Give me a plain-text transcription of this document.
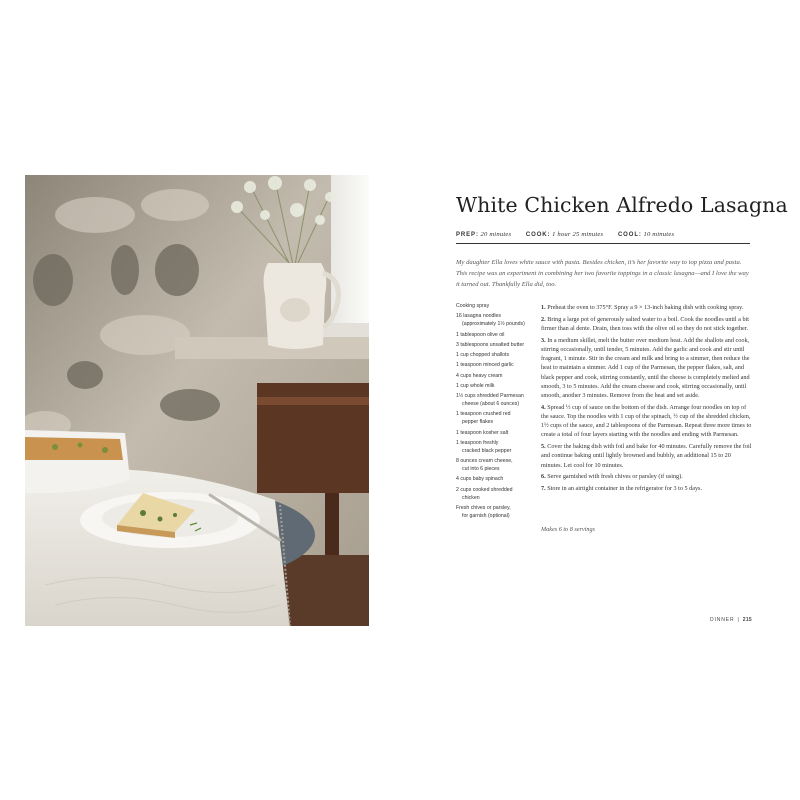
White Chicken Alfredo Lasagna
PREP: 20 minutes COOK: 1 hour 25 minutes COOL: 10 minutes

My daughter Ella loves white sauce with pasta. Besides chicken, it’s her favorite way to top pizza and pasta. This recipe was an experiment in combining her two favorite toppings in a classic lasagna—and I love the way it turned out. Thankfully Ella did, too.

Cooking spray
16 lasagna noodles
(approximately 1½ pounds)
1 tablespoon olive oil
3 tablespoons unsalted butter
1 cup chopped shallots
1 teaspoon minced garlic
4 cups heavy cream
1 cup whole milk
1½ cups shredded Parmesan
cheese (about 6 ounces)
1 teaspoon crushed red
pepper flakes
1 teaspoon kosher salt
1 teaspoon freshly
cracked black pepper
8 ounces cream cheese,
cut into 6 pieces
4 cups baby spinach
2 cups cooked shredded
chicken
Fresh chives or parsley,
for garnish (optional)
1. Preheat the oven to 375°F. Spray a 9 × 13-inch baking dish with cooking spray.
2. Bring a large pot of generously salted water to a boil. Cook the noodles until a bit firmer than al dente. Drain, then toss with the olive oil so they do not stick together.
3. In a medium skillet, melt the butter over medium heat. Add the shallots and cook, stirring occasionally, until tender, 5 minutes. Add the garlic and cook and stir until fragrant, 1 minute. Stir in the cream and milk and bring to a simmer, then reduce the heat to maintain a simmer. Add 1 cup of the Parmesan, the pepper flakes, salt, and black pepper and cook, stirring constantly, until the cheese is completely melted and smooth, 3 to 5 minutes. Add the cream cheese and cook, stirring occasionally, until smooth, another 3 minutes. Remove from the heat and set aside.
4. Spread ½ cup of sauce on the bottom of the dish. Arrange four noodles on top of the sauce. Top the noodles with 1 cup of the spinach, ½ cup of the shredded chicken, 1½ cups of the sauce, and 2 tablespoons of the Parmesan. Repeat three more times to create a total of four layers starting with the noodles and ending with Parmesan.
5. Cover the baking dish with foil and bake for 40 minutes. Carefully remove the foil and continue baking until lightly browned and bubbly, an additional 15 to 20 minutes. Let cool for 10 minutes.
6. Serve garnished with fresh chives or parsley (if using).
7. Store in an airtight container in the refrigerator for 3 to 5 days.
Makes 6 to 8 servings
DINNER | 215
